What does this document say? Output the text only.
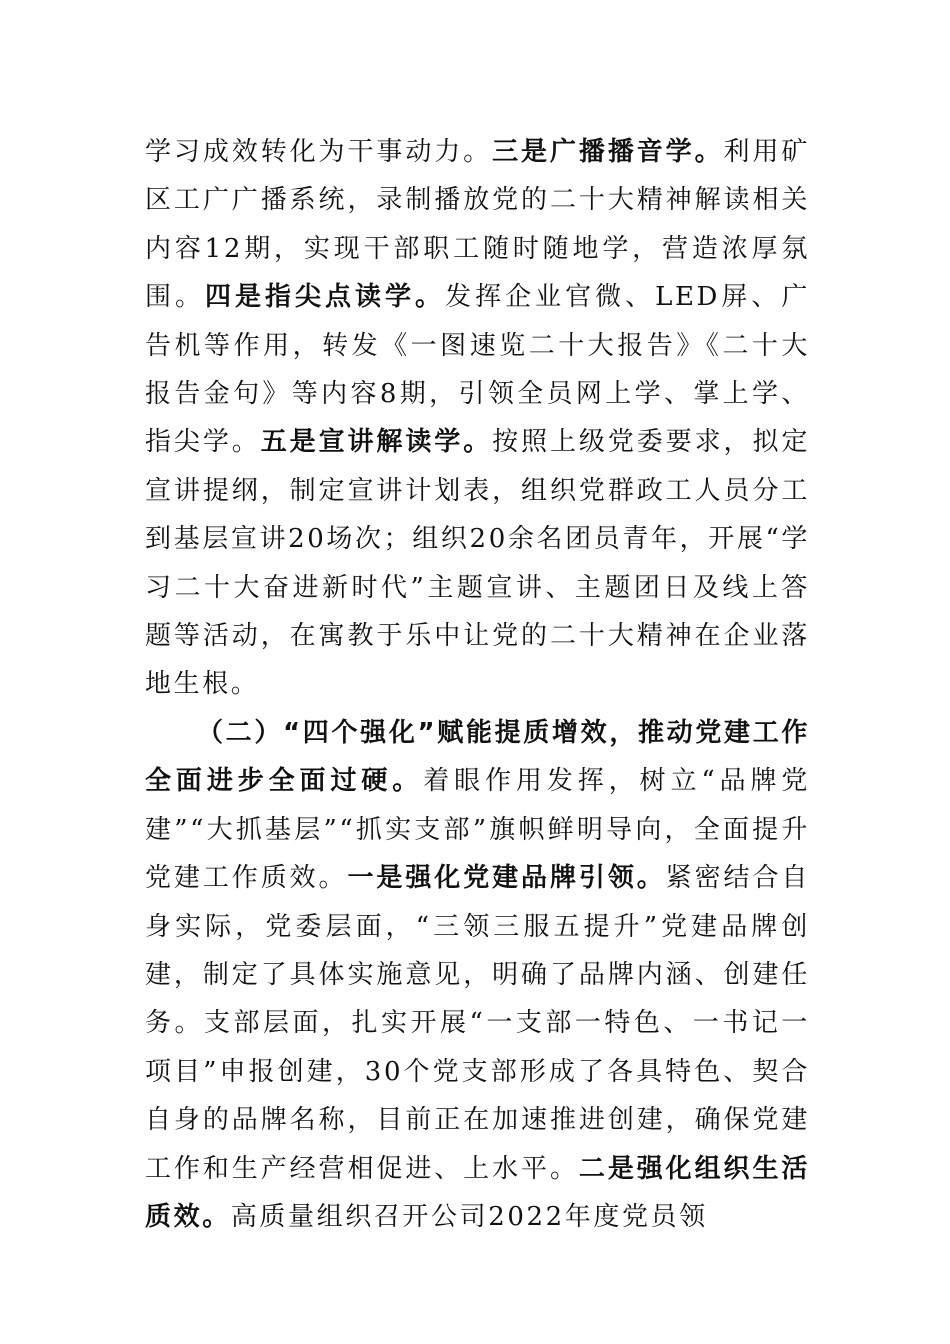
学习成效转化为干事动力。三是广播播音学。利用矿区工广广播系统，录制播放党的二十大精神解读相关内容12期，实现干部职工随时随地学，营造浓厚氛围。四是指尖点读学。发挥企业官微、LED屏、广告机等作用，转发《一图速览二十大报告》《二十大报告金句》等内容8期，引领全员网上学、掌上学、指尖学。五是宣讲解读学。按照上级党委要求，拟定宣讲提纲，制定宣讲计划表，组织党群政工人员分工到基层宣讲20场次；组织20余名团员青年，开展“学习二十大奋进新时代”主题宣讲、主题团日及线上答题等活动，在寓教于乐中让党的二十大精神在企业落地生根。

（二）“四个强化”赋能提质增效，推动党建工作全面进步全面过硬。着眼作用发挥，树立“品牌党建”“大抓基层”“抓实支部”旗帜鲜明导向，全面提升党建工作质效。一是强化党建品牌引领。紧密结合自身实际，党委层面，“三领三服五提升”党建品牌创建，制定了具体实施意见，明确了品牌内涵、创建任务。支部层面，扎实开展“一支部一特色、一书记一项目”申报创建，30个党支部形成了各具特色、契合自身的品牌名称，目前正在加速推进创建，确保党建工作和生产经营相促进、上水平。二是强化组织生活质效。高质量组织召开公司2022年度党员领
